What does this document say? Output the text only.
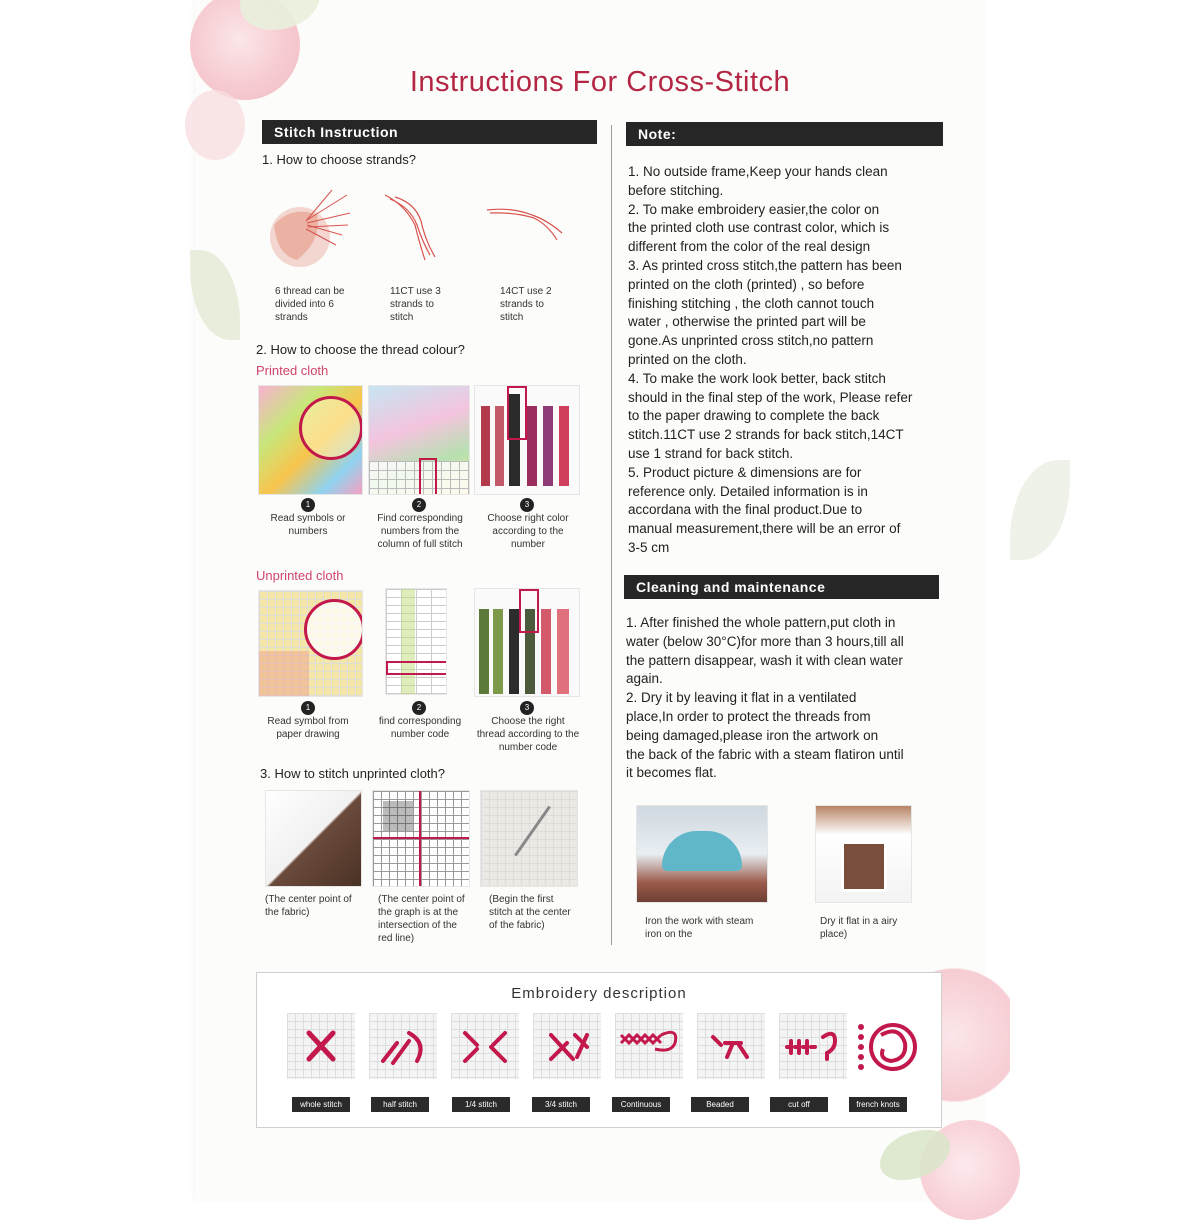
Instructions For Cross-Stitch
Stitch Instruction
1. How to choose strands?
6 thread can be divided into 6 strands
11CT use 3 strands to stitch
14CT use 2 strands to stitch
2. How to choose the thread colour?
Printed cloth
1	2	3
Read symbols or numbers
Find corresponding numbers from the column of full stitch
Choose right color according to the number
Unprinted cloth
1	2	3
Read symbol from paper drawing
find corresponding number code
Choose the right thread according to the number code
3. How to stitch unprinted cloth?
(The center point of the fabric)
(The center point of the graph is at the intersection of the red line)
(Begin the first stitch at the center of the fabric)
Note:
1. No outside frame,Keep your hands clean
before stitching.
2. To make embroidery easier,the color on
the printed cloth use contrast color, which is
different from the color of the real design
3. As printed cross stitch,the pattern has been
printed on the cloth (printed) , so before
finishing stitching , the cloth cannot touch
water , otherwise the printed part will be
gone.As unprinted cross stitch,no pattern
printed on the cloth.
4. To make the work look better, back stitch
should in the final step of the work, Please refer
to the paper drawing to complete the back
stitch.11CT use 2 strands for back stitch,14CT
use 1 strand for back stitch.
5. Product picture & dimensions are for
reference only. Detailed information is in
accordana with the final product.Due to
manual measurement,there will be an error of
3-5 cm
Cleaning and maintenance
1. After finished the whole pattern,put cloth in
water (below 30°C)for more than 3 hours,till all
the pattern disappear, wash it with clean water
again.
2. Dry it by leaving it flat in a ventilated
place,In order to protect the threads from
being damaged,please iron the artwork on
the back of the fabric with a steam flatiron until
it becomes flat.
Iron the work with steam iron on the
Dry it flat in a airy place)
Embroidery description
whole stitch	half stitch	1/4 stitch	3/4 stitch	Continuous	Beaded	cut off	french knots
